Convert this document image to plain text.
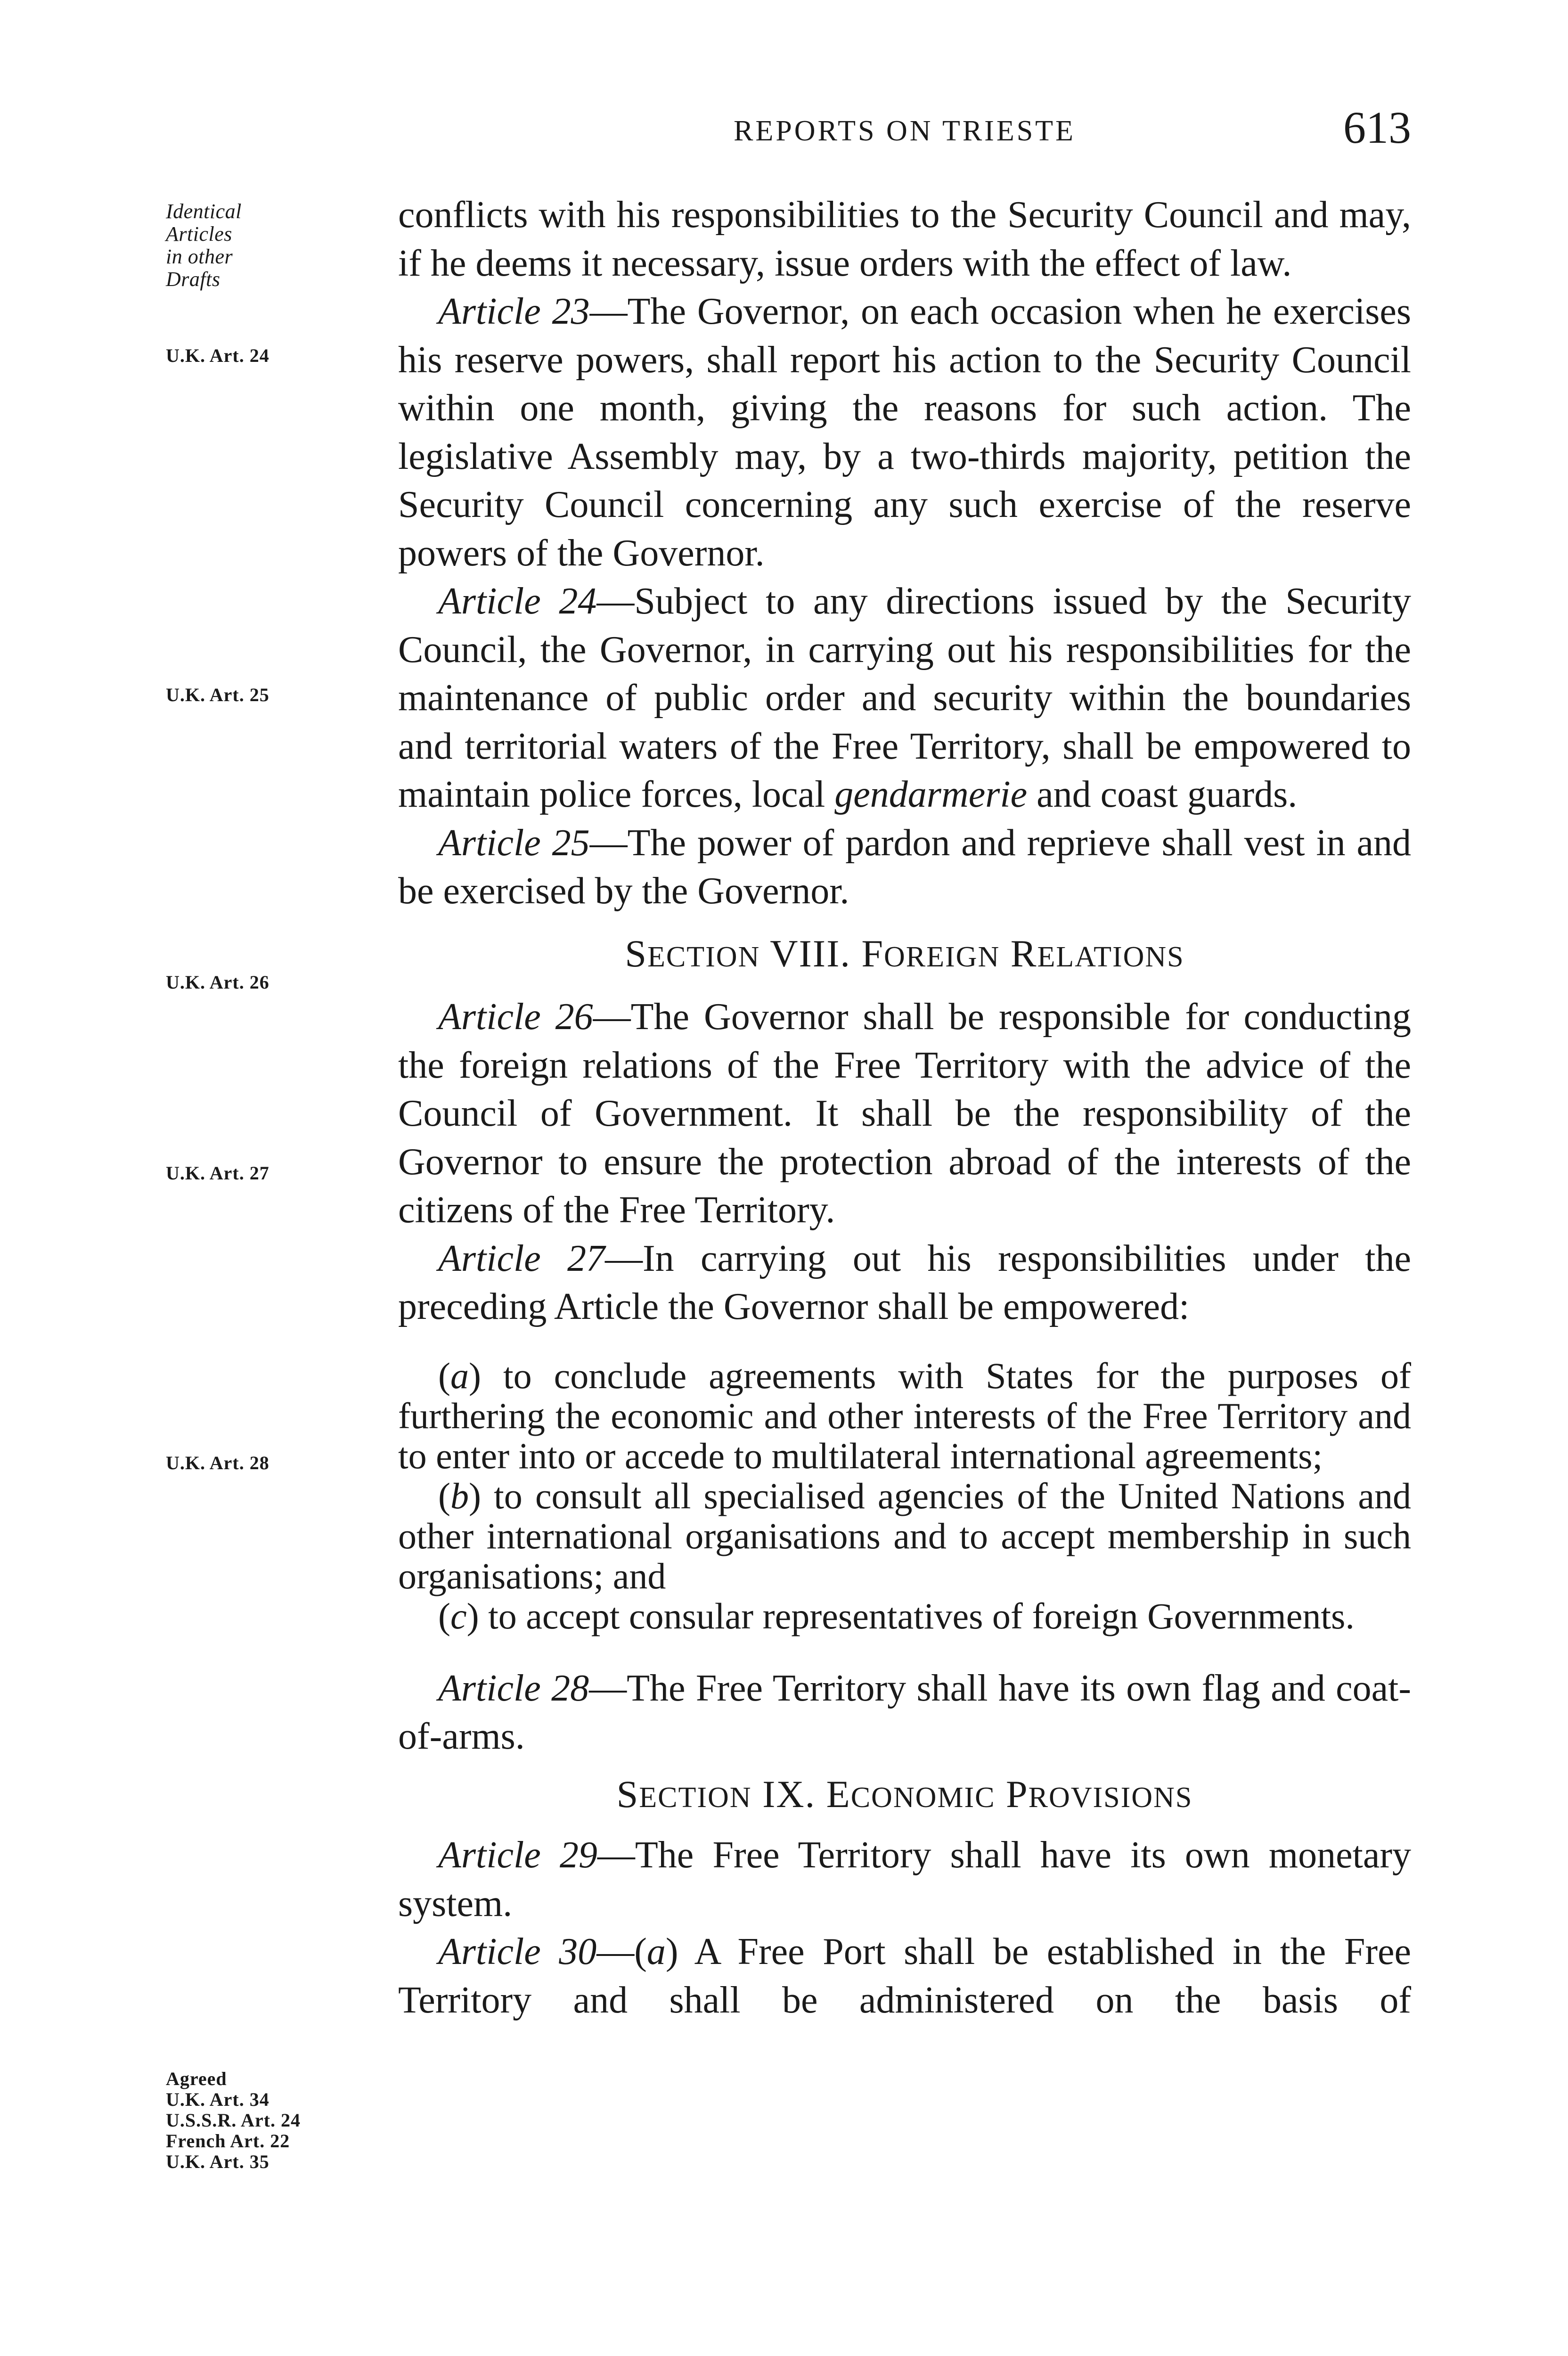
REPORTS ON TRIESTE	613
Identical
Articles
in other
Drafts
U.K. Art. 24
U.K. Art. 25
U.K. Art. 26
U.K. Art. 27
U.K. Art. 28
Agreed
U.K. Art. 34
U.S.S.R. Art. 24
French Art. 22
U.K. Art. 35

conflicts with his responsibilities to the Security Council and may, if he deems it necessary, issue orders with the effect of law.

Article 23—The Governor, on each occasion when he exercises his reserve powers, shall report his action to the Security Council within one month, giving the reasons for such action. The legislative Assembly may, by a two-thirds majority, petition the Security Council concerning any such exercise of the reserve powers of the Governor.

Article 24—Subject to any directions issued by the Security Council, the Governor, in carrying out his responsibilities for the maintenance of public order and security within the boundaries and territorial waters of the Free Territory, shall be empowered to maintain police forces, local gendarmerie and coast guards.

Article 25—The power of pardon and reprieve shall vest in and be exercised by the Governor.

SECTION VIII. FOREIGN RELATIONS

Article 26—The Governor shall be responsible for conducting the foreign relations of the Free Territory with the advice of the Council of Government. It shall be the responsibility of the Governor to ensure the protection abroad of the interests of the citizens of the Free Territory.

Article 27—In carrying out his responsibilities under the preceding Article the Governor shall be empowered:

(a) to conclude agreements with States for the purposes of furthering the economic and other interests of the Free Territory and to enter into or accede to multilateral international agreements;

(b) to consult all specialised agencies of the United Nations and other international organisations and to accept membership in such organisations; and

(c) to accept consular representatives of foreign Governments.

Article 28—The Free Territory shall have its own flag and coat-of-arms.

SECTION IX. ECONOMIC PROVISIONS

Article 29—The Free Territory shall have its own monetary system.

Article 30—(a) A Free Port shall be established in the Free Territory and shall be administered on the basis of
